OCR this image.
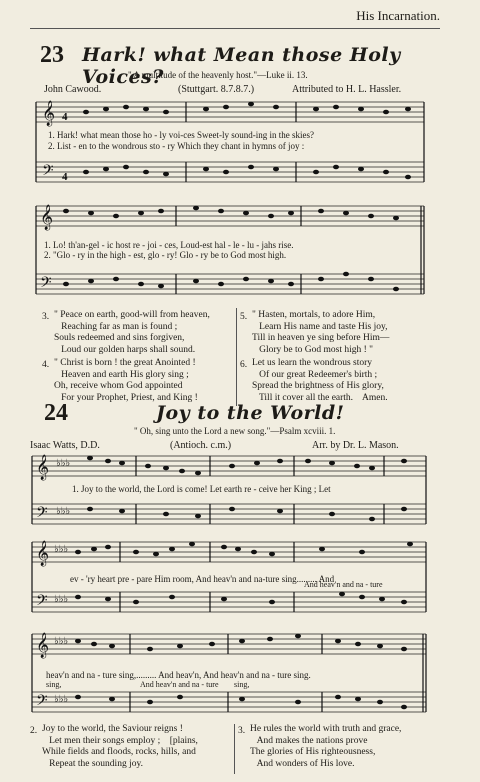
His Incarnation.
23 Hark! what Mean those Holy Voices?
" A multitude of the heavenly host."—Luke ii. 13.
John Cawood.	(Stuttgart. 8.7.8.7.)	Attributed to H. L. Hassler.
𝄞
𝄢
4
4
1. Hark! what mean those ho - ly voi-ces Sweet-ly sound-ing in the skies?
2. List - en to the wondrous sto - ry Which they chant in hymns of joy :
𝄞
𝄢
1. Lo! th'an-gel - ic host re - joi - ces, Loud-est hal - le - lu - jahs rise.
2. "Glo - ry in the high - est, glo - ry! Glo - ry be to God most high.
3. " Peace on earth, good-will from heaven,
Reaching far as man is found ;
Souls redeemed and sins forgiven,
Loud our golden harps shall sound.
4. " Christ is born ! the great Anointed !
Heaven and earth His glory sing ;
Oh, receive whom God appointed
For your Prophet, Priest, and King !
5. " Hasten, mortals, to adore Him,
Learn His name and taste His joy,
Till in heaven ye sing before Him—
Glory be to God most high ! "
6. Let us learn the wondrous story
Of our great Redeemer's birth ;
Spread the brightness of His glory,
Till it cover all the earth.    Amen.
24	Joy to the World!
" Oh, sing unto the Lord a new song."—Psalm xcviii. 1.
Isaac Watts, D.D.	(Antioch. c.m.)	Arr. by Dr. L. Mason.
𝄞
𝄢
♭♭♭
♭♭♭
1. Joy to the world, the Lord is come! Let earth re - ceive her King ; Let
𝄞
𝄢
♭♭♭
♭♭♭
ev - 'ry heart pre - pare Him room, And heav'n and na-ture sing......... And
And heav'n and na - ture
𝄞
𝄢
♭♭♭
♭♭♭
heav'n and na - ture sing,......... And heav'n, And heav'n and na - ture sing.
sing,	And heav'n and na - ture sing,
2. Joy to the world, the Saviour reigns !
Let men their songs employ ;    [plains,
While fields and floods, rocks, hills, and
Repeat the sounding joy.
3. He rules the world with truth and grace,
And makes the nations prove
The glories of His righteousness,
And wonders of His love.
